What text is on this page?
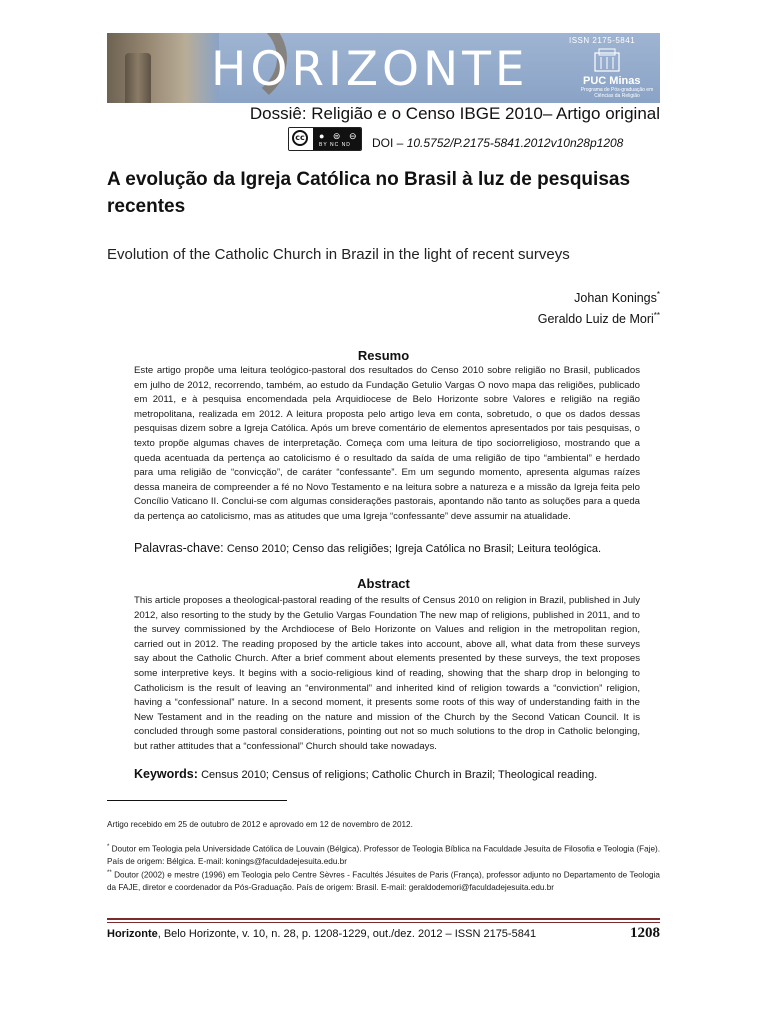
ISSN 2175-5841
HORIZONTE	PUC Minas
Programa de Pós-graduação em Ciências da Religião
Dossiê: Religião e o Censo IBGE 2010– Artigo original
cc	● ⊜ ⊖
BY NC ND DOI – 10.5752/P.2175-5841.2012v10n28p1208
A evolução da Igreja Católica no Brasil à luz de pesquisas recentes
Evolution of the Catholic Church in Brazil in the light of recent surveys
Johan Konings*
Geraldo Luiz de Mori**
Resumo
Este artigo propõe uma leitura teológico-pastoral dos resultados do Censo 2010 sobre religião no Brasil, publicados em julho de 2012, recorrendo, também, ao estudo da Fundação Getulio Vargas O novo mapa das religiões, publicado em 2011, e à pesquisa encomendada pela Arquidiocese de Belo Horizonte sobre Valores e religião na região metropolitana, realizada em 2012. A leitura proposta pelo artigo leva em conta, sobretudo, o que os dados dessas pesquisas dizem sobre a Igreja Católica. Após um breve comentário de elementos apresentados por tais pesquisas, o texto propõe algumas chaves de interpretação. Começa com uma leitura de tipo sociorreligioso, mostrando que a queda acentuada da pertença ao catolicismo é o resultado da saída de uma religião de tipo “ambiental” e herdado para uma religião de “convicção”, de caráter “confessante”. Em um segundo momento, apresenta algumas raízes dessa maneira de compreender a fé no Novo Testamento e na leitura sobre a natureza e a missão da Igreja feita pelo Concílio Vaticano II. Conclui-se com algumas considerações pastorais, apontando não tanto as soluções para a queda da pertença ao catolicismo, mas as atitudes que uma Igreja “confessante” deve assumir na atualidade.
Palavras-chave: Censo 2010; Censo das religiões; Igreja Católica no Brasil; Leitura teológica.
Abstract
This article proposes a theological-pastoral reading of the results of Census 2010 on religion in Brazil, published in July 2012, also resorting to the study by the Getulio Vargas Foundation The new map of religions, published in 2011, and to the survey commissioned by the Archdiocese of Belo Horizonte on Values and religion in the metropolitan region, carried out in 2012. The reading proposed by the article takes into account, above all, what data from these surveys say about the Catholic Church. After a brief comment about elements presented by these surveys, the text proposes some interpretive keys. It begins with a socio-religious kind of reading, showing that the sharp drop in belonging to Catholicism is the result of leaving an “environmental” and inherited kind of religion towards a “conviction” religion, having a “confessional” nature. In a second moment, it presents some roots of this way of understanding faith in the New Testament and in the reading on the nature and mission of the Church by the Second Vatican Council. It is concluded through some pastoral considerations, pointing out not so much solutions to the drop in Catholic belonging, but rather attitudes that a “confessional” Church should take nowadays.
Keywords: Census 2010; Census of religions; Catholic Church in Brazil; Theological reading.
Artigo recebido em 25 de outubro de 2012 e aprovado em 12 de novembro de 2012.
* Doutor em Teologia pela Universidade Católica de Louvain (Bélgica). Professor de Teologia Bíblica na Faculdade Jesuíta de Filosofia e Teologia (Faje). País de origem: Bélgica. E-mail: konings@faculdadejesuita.edu.br
** Doutor (2002) e mestre (1996) em Teologia pelo Centre Sèvres - Facultés Jésuites de Paris (França), professor adjunto no Departamento de Teologia da FAJE, diretor e coordenador da Pós-Graduação. País de origem: Brasil. E-mail: geraldodemori@faculdadejesuita.edu.br
Horizonte, Belo Horizonte, v. 10, n. 28, p. 1208-1229, out./dez. 2012 – ISSN 2175-5841	1208
